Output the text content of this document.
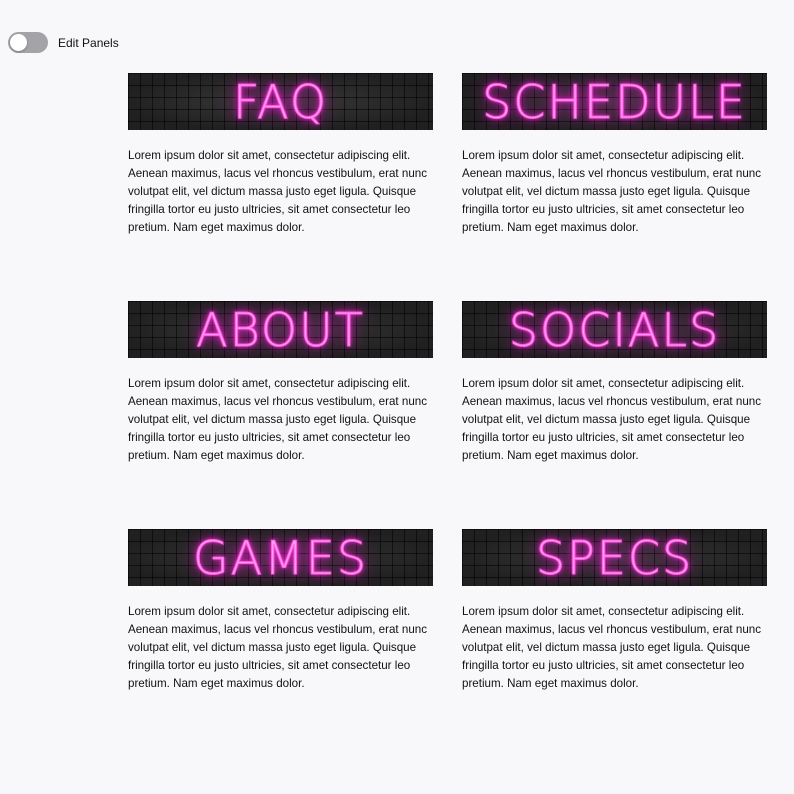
Edit Panels
FAQ
Lorem ipsum dolor sit amet, consectetur adipiscing elit. Aenean maximus, lacus vel rhoncus vestibulum, erat nunc volutpat elit, vel dictum massa justo eget ligula. Quisque fringilla tortor eu justo ultricies, sit amet consectetur leo pretium. Nam eget maximus dolor.
SCHEDULE
Lorem ipsum dolor sit amet, consectetur adipiscing elit. Aenean maximus, lacus vel rhoncus vestibulum, erat nunc volutpat elit, vel dictum massa justo eget ligula. Quisque fringilla tortor eu justo ultricies, sit amet consectetur leo pretium. Nam eget maximus dolor.
ABOUT
Lorem ipsum dolor sit amet, consectetur adipiscing elit. Aenean maximus, lacus vel rhoncus vestibulum, erat nunc volutpat elit, vel dictum massa justo eget ligula. Quisque fringilla tortor eu justo ultricies, sit amet consectetur leo pretium. Nam eget maximus dolor.
SOCIALS
Lorem ipsum dolor sit amet, consectetur adipiscing elit. Aenean maximus, lacus vel rhoncus vestibulum, erat nunc volutpat elit, vel dictum massa justo eget ligula. Quisque fringilla tortor eu justo ultricies, sit amet consectetur leo pretium. Nam eget maximus dolor.
GAMES
Lorem ipsum dolor sit amet, consectetur adipiscing elit. Aenean maximus, lacus vel rhoncus vestibulum, erat nunc volutpat elit, vel dictum massa justo eget ligula. Quisque fringilla tortor eu justo ultricies, sit amet consectetur leo pretium. Nam eget maximus dolor.
SPECS
Lorem ipsum dolor sit amet, consectetur adipiscing elit. Aenean maximus, lacus vel rhoncus vestibulum, erat nunc volutpat elit, vel dictum massa justo eget ligula. Quisque fringilla tortor eu justo ultricies, sit amet consectetur leo pretium. Nam eget maximus dolor.
